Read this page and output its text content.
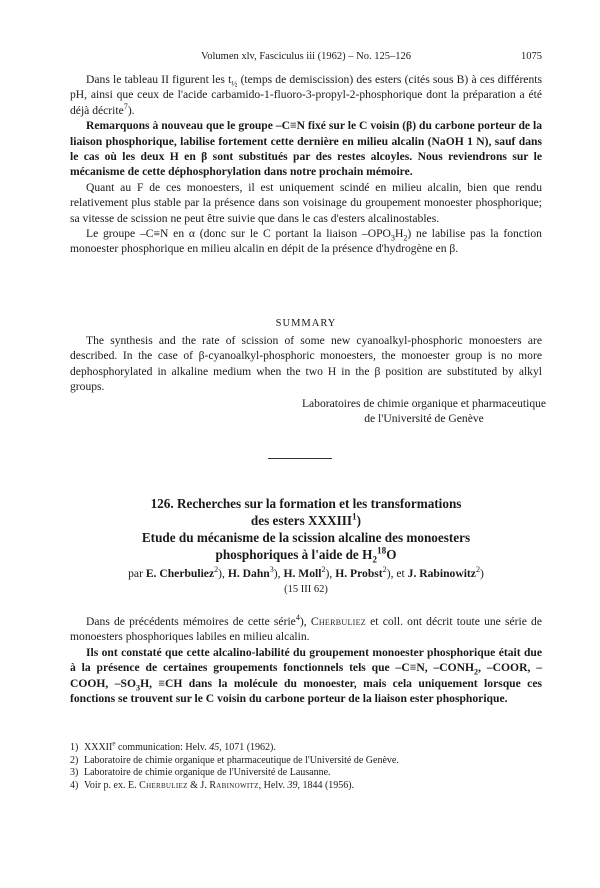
Volumen xlv, Fasciculus iii (1962) – No. 125–126	1075

Dans le tableau II figurent les $t_{\frac{1}{2}}$ (temps de demiscission) des esters (cités sous B) à ces différents pH, ainsi que ceux de l'acide carbamido-1-fluoro-3-propyl-2-phosphorique dont la préparation a été déjà décrite$^7$).

Remarquons à nouveau que le groupe –C≡N fixé sur le C voisin (β) du carbone porteur de la liaison phosphorique, labilise fortement cette dernière en milieu alcalin (NaOH 1 N), sauf dans le cas où les deux H en β sont substitués par des restes alcoyles. Nous reviendrons sur le mécanisme de cette déphosphorylation dans notre prochain mémoire.

Quant au F de ces monoesters, il est uniquement scindé en milieu alcalin, bien que rendu relativement plus stable par la présence dans son voisinage du groupement monoester phosphorique; sa vitesse de scission ne peut être suivie que dans le cas d'esters alcalinostables.

Le groupe –C≡N en α (donc sur le C portant la liaison $-OPO_3H_2$) ne labilise pas la fonction monoester phosphorique en milieu alcalin en dépit de la présence d'hydrogène en β.

SUMMARY

The synthesis and the rate of scission of some new cyanoalkyl-phosphoric monoesters are described. In the case of β-cyanoalkyl-phosphoric monoesters, the monoester group is no more dephosphorylated in alkaline medium when the two H in the β position are substituted by alkyl groups.

Laboratoires de chimie organique et pharmaceutique
de l'Université de Genève
126. Recherches sur la formation et les transformations
des esters XXXIII$^1$)
Etude du mécanisme de la scission alcaline des monoesters
phosphoriques à l'aide de $H_2^{18}O$
par E. Cherbuliez$^2$), H. Dahn$^3$), H. Moll$^2$), H. Probst$^2$), et J. Rabinowitz$^2$)
(15 III 62)

Dans de précédents mémoires de cette série$^4$), Cherbuliez et coll. ont décrit toute une série de monoesters phosphoriques labiles en milieu alcalin.

Ils ont constaté que cette alcalino-labilité du groupement monoester phosphorique était due à la présence de certaines groupements fonctionnels tels que –C≡N, $-CONH_2$, –COOR, –COOH, $-SO_3H$, ≡CH dans la molécule du monoester, mais cela uniquement lorsque ces fonctions se trouvent sur le C voisin du carbone porteur de la liaison ester phosphorique.

1) XXXIIe communication: Helv. 45, 1071 (1962).
2) Laboratoire de chimie organique et pharmaceutique de l'Université de Genève.
3) Laboratoire de chimie organique de l'Université de Lausanne.
4) Voir p. ex. E. Cherbuliez & J. Rabinowitz, Helv. 39, 1844 (1956).
